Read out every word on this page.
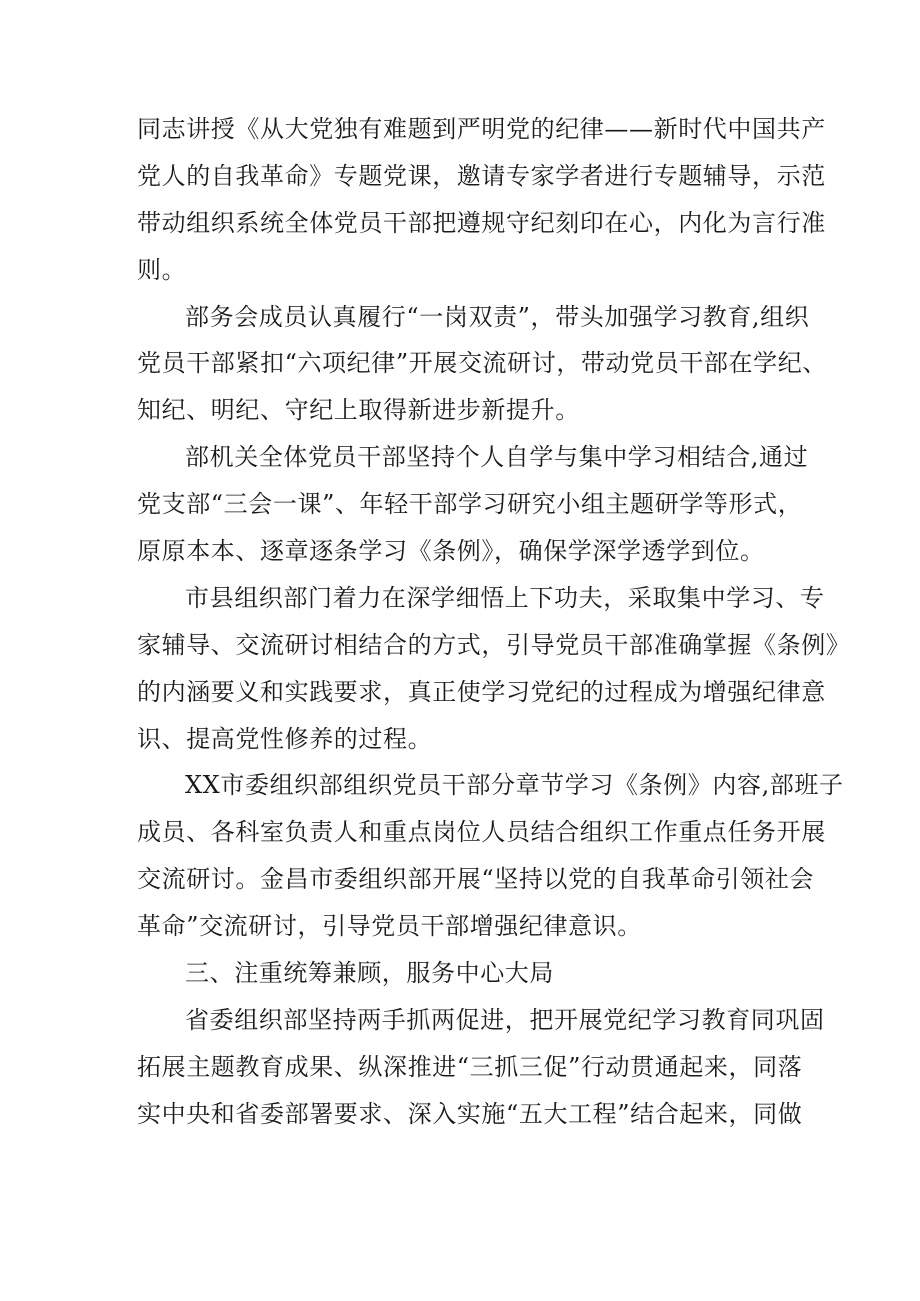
同志讲授《从大党独有难题到严明党的纪律——新时代中国共产
党人的自我革命》专题党课，邀请专家学者进行专题辅导，示范
带动组织系统全体党员干部把遵规守纪刻印在心，内化为言行准
则。
部务会成员认真履行“一岗双责”，带头加强学习教育,组织
党员干部紧扣“六项纪律”开展交流研讨，带动党员干部在学纪、
知纪、明纪、守纪上取得新进步新提升。
部机关全体党员干部坚持个人自学与集中学习相结合,通过
党支部“三会一课”、年轻干部学习研究小组主题研学等形式，
原原本本、逐章逐条学习《条例》，确保学深学透学到位。
市县组织部门着力在深学细悟上下功夫，采取集中学习、专
家辅导、交流研讨相结合的方式，引导党员干部准确掌握《条例》
的内涵要义和实践要求，真正使学习党纪的过程成为增强纪律意
识、提高党性修养的过程。
XX市委组织部组织党员干部分章节学习《条例》内容,部班子
成员、各科室负责人和重点岗位人员结合组织工作重点任务开展
交流研讨。金昌市委组织部开展“坚持以党的自我革命引领社会
革命”交流研讨，引导党员干部增强纪律意识。
三、注重统筹兼顾，服务中心大局
省委组织部坚持两手抓两促进，把开展党纪学习教育同巩固
拓展主题教育成果、纵深推进“三抓三促”行动贯通起来，同落
实中央和省委部署要求、深入实施“五大工程”结合起来，同做
